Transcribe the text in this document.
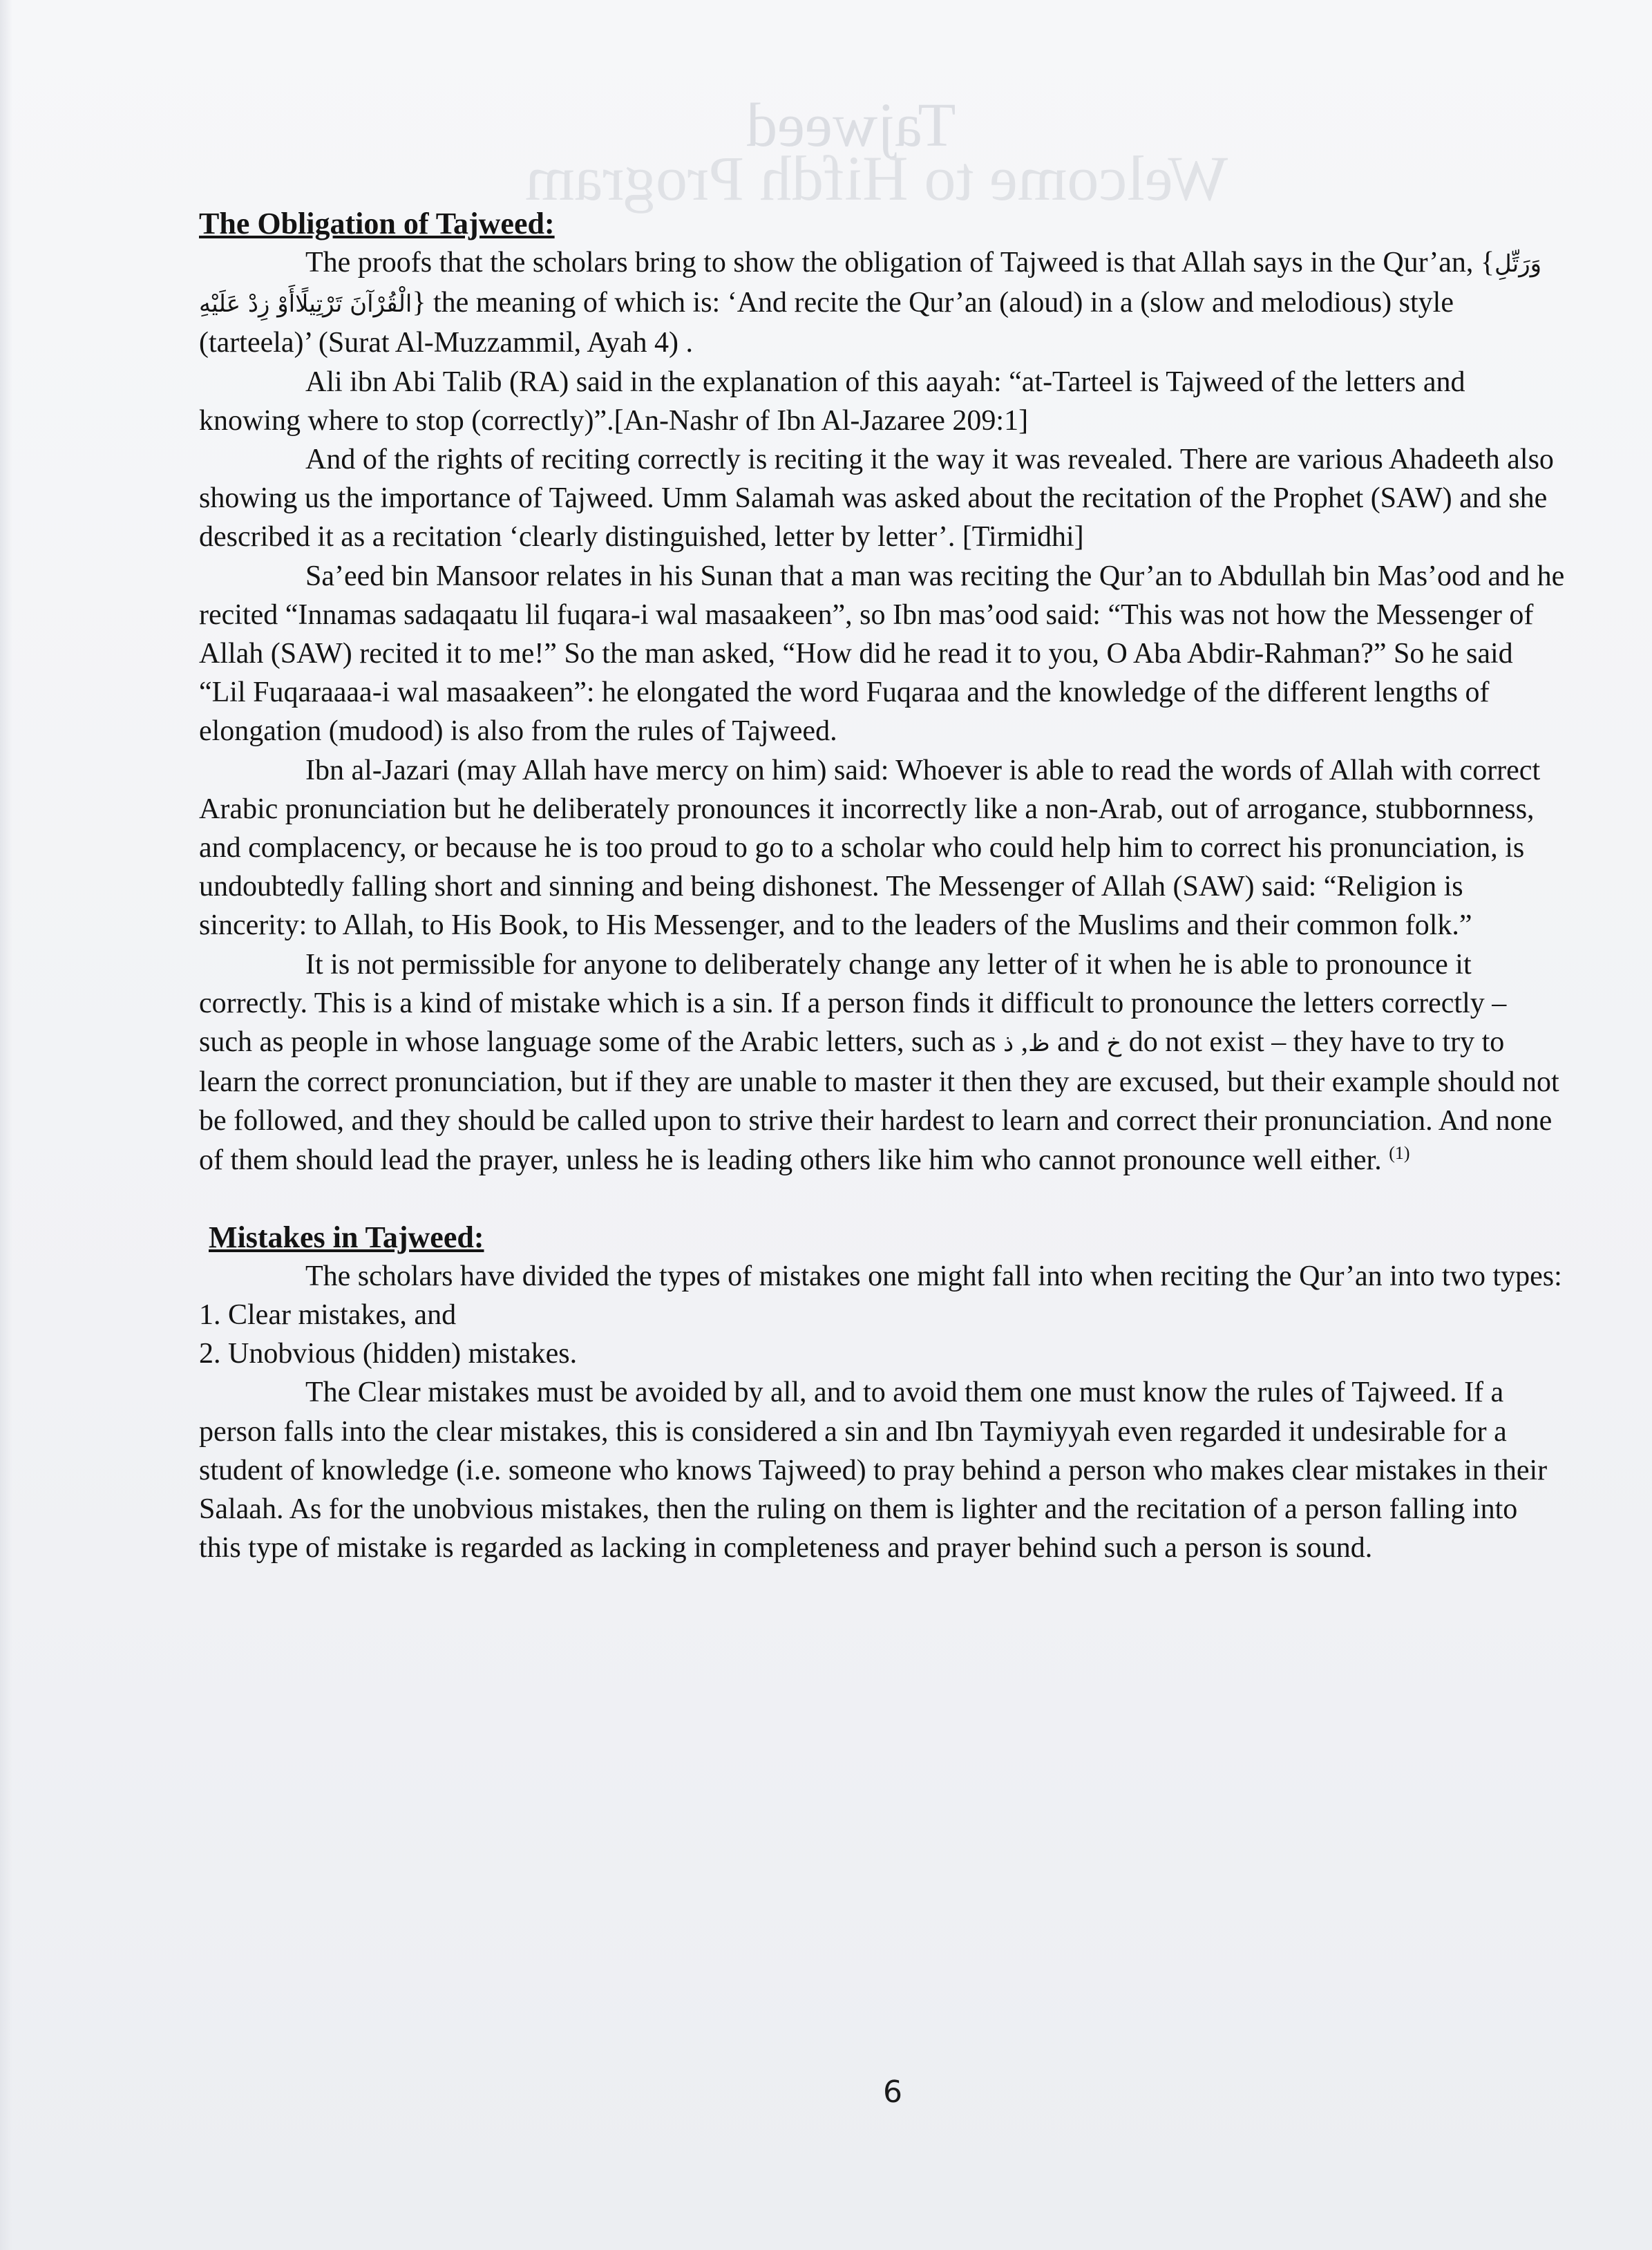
Tajweed
Welcome to Hifdh Program
The Obligation of Tajweed:

The proofs that the scholars bring to show the obligation of Tajweed is that Allah says in the Qur’an, {وَرَتِّلِ الْقُرْآنَ تَرْتِيلًاأَوْ زِدْ عَلَيْهِ	} the meaning of which is: ‘And recite the Qur’an (aloud) in a (slow and melodious) style (tarteela)’ (Surat Al-Muzzammil, Ayah 4) .

Ali ibn Abi Talib (RA) said in the explanation of this aayah: “at-Tarteel is Tajweed of the letters and knowing where to stop (correctly)”.[An-Nashr of Ibn Al-Jazaree 209:1]

And of the rights of reciting correctly is reciting it the way it was revealed. There are various Ahadeeth also showing us the importance of Tajweed. Umm Salamah was asked about the recitation of the Prophet (SAW) and she described it as a recitation ‘clearly distinguished, letter by letter’. [Tirmidhi]

Sa’eed bin Mansoor relates in his Sunan that a man was reciting the Qur’an to Abdullah bin Mas’ood and he recited “Innamas sadaqaatu lil fuqara-i wal masaakeen”, so Ibn mas’ood said: “This was not how the Messenger of Allah (SAW) recited it to me!” So the man asked, “How did he read it to you, O Aba Abdir-Rahman?” So he said “Lil Fuqaraaaa-i wal masaakeen”: he elongated the word Fuqaraa and the knowledge of the different lengths of elongation (mudood) is also from the rules of Tajweed.

Ibn al-Jazari (may Allah have mercy on him) said: Whoever is able to read the words of Allah with correct Arabic pronunciation but he deliberately pronounces it incorrectly like a non-Arab, out of arrogance, stubbornness, and complacency, or because he is too proud to go to a scholar who could help him to correct his pronunciation, is undoubtedly falling short and sinning and being dishonest. The Messenger of Allah (SAW) said: “Religion is sincerity: to Allah, to His Book, to His Messenger, and to the leaders of the Muslims and their common folk.”

It is not permissible for anyone to deliberately change any letter of it when he is able to pronounce it correctly. This is a kind of mistake which is a sin. If a person finds it difficult to pronounce the letters correctly – such as people in whose language some of the Arabic letters, such as ظ, ذ and خ do not exist – they have to try to learn the correct pronunciation, but if they are unable to master it then they are excused, but their example should not be followed, and they should be called upon to strive their hardest to learn and correct their pronunciation. And none of them should lead the prayer, unless he is leading others like him who cannot pronounce well either. $^{(1)}$

Mistakes in Tajweed:

The scholars have divided the types of mistakes one might fall into when reciting the Qur’an into two types:

1. Clear mistakes, and

2. Unobvious (hidden) mistakes.

The Clear mistakes must be avoided by all, and to avoid them one must know the rules of Tajweed. If a person falls into the clear mistakes, this is considered a sin and Ibn Taymiyyah even regarded it undesirable for a student of knowledge (i.e. someone who knows Tajweed) to pray behind a person who makes clear mistakes in their Salaah. As for the unobvious mistakes, then the ruling on them is lighter and the recitation of a person falling into this type of mistake is regarded as lacking in completeness and prayer behind such a person is sound.

6
